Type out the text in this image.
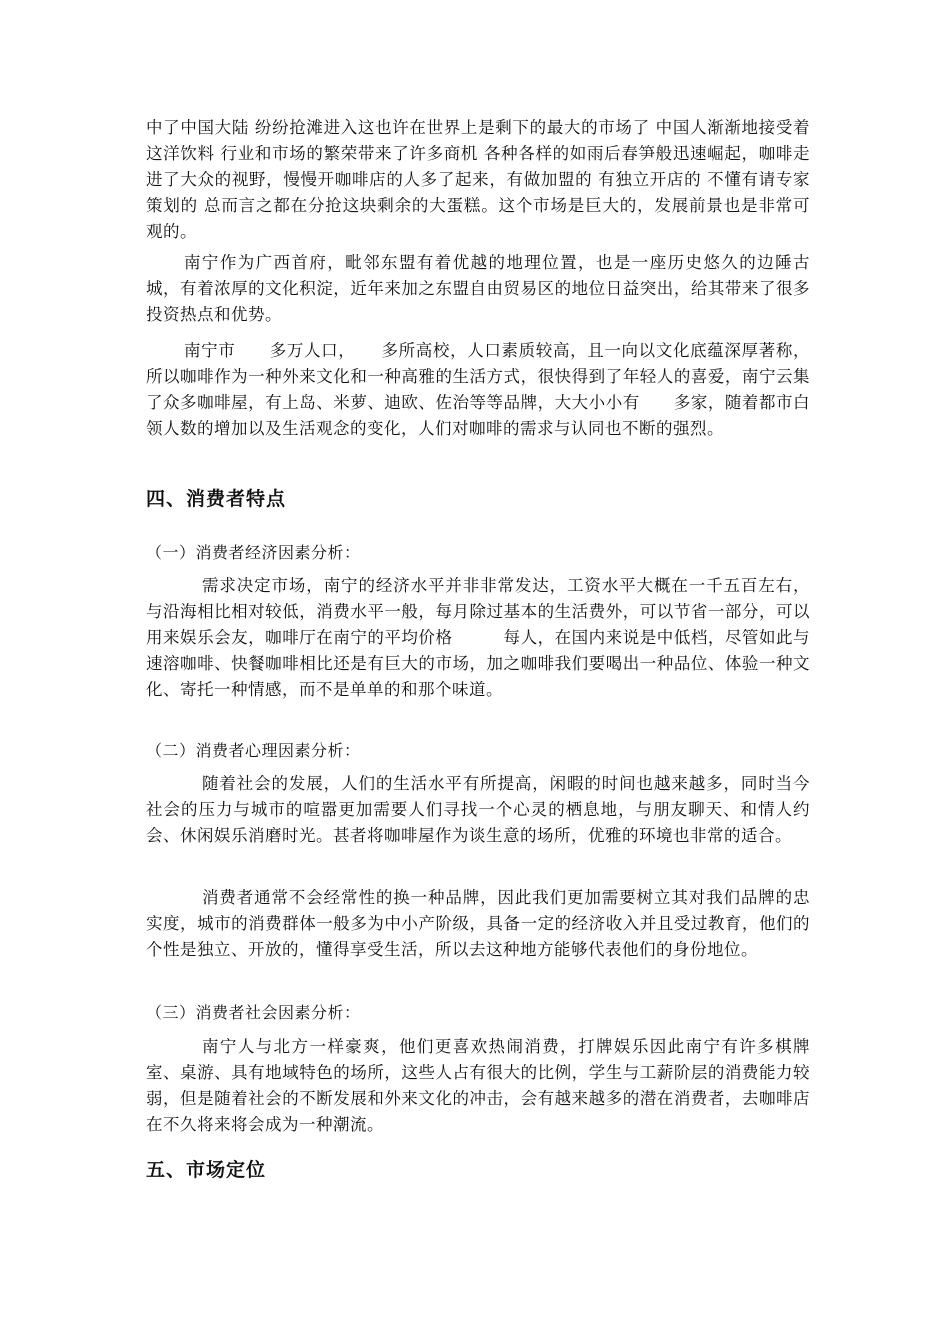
中了中国大陆 纷纷抢滩进入这也许在世界上是剩下的最大的市场了 中国人渐渐地接受着这洋饮料 行业和市场的繁荣带来了许多商机 各种各样的如雨后春笋般迅速崛起，咖啡走进了大众的视野，慢慢开咖啡店的人多了起来，有做加盟的 有独立开店的 不懂有请专家策划的 总而言之都在分抢这块剩余的大蛋糕。这个市场是巨大的，发展前景也是非常可观的。

南宁作为广西首府，毗邻东盟有着优越的地理位置，也是一座历史悠久的边陲古城，有着浓厚的文化积淀，近年来加之东盟自由贸易区的地位日益突出，给其带来了很多投资热点和优势。

南宁市　　多万人口，　　多所高校，人口素质较高，且一向以文化底蕴深厚著称，所以咖啡作为一种外来文化和一种高雅的生活方式，很快得到了年轻人的喜爱，南宁云集了众多咖啡屋，有上岛、米萝、迪欧、佐治等等品牌，大大小小有　　多家，随着都市白领人数的增加以及生活观念的变化，人们对咖啡的需求与认同也不断的强烈。

四、消费者特点

（一）消费者经济因素分析：

需求决定市场，南宁的经济水平并非非常发达，工资水平大概在一千五百左右，与沿海相比相对较低，消费水平一般，每月除过基本的生活费外，可以节省一部分，可以用来娱乐会友，咖啡厅在南宁的平均价格　　　每人，在国内来说是中低档，尽管如此与速溶咖啡、快餐咖啡相比还是有巨大的市场，加之咖啡我们要喝出一种品位、体验一种文化、寄托一种情感，而不是单单的和那个味道。

（二）消费者心理因素分析：

随着社会的发展，人们的生活水平有所提高，闲暇的时间也越来越多，同时当今社会的压力与城市的喧嚣更加需要人们寻找一个心灵的栖息地，与朋友聊天、和情人约会、休闲娱乐消磨时光。甚者将咖啡屋作为谈生意的场所，优雅的环境也非常的适合。

消费者通常不会经常性的换一种品牌，因此我们更加需要树立其对我们品牌的忠实度，城市的消费群体一般多为中小产阶级，具备一定的经济收入并且受过教育，他们的个性是独立、开放的，懂得享受生活，所以去这种地方能够代表他们的身份地位。

（三）消费者社会因素分析：

南宁人与北方一样豪爽，他们更喜欢热闹消费，打牌娱乐因此南宁有许多棋牌室、桌游、具有地域特色的场所，这些人占有很大的比例，学生与工薪阶层的消费能力较弱，但是随着社会的不断发展和外来文化的冲击，会有越来越多的潜在消费者，去咖啡店在不久将来将会成为一种潮流。

五、市场定位
